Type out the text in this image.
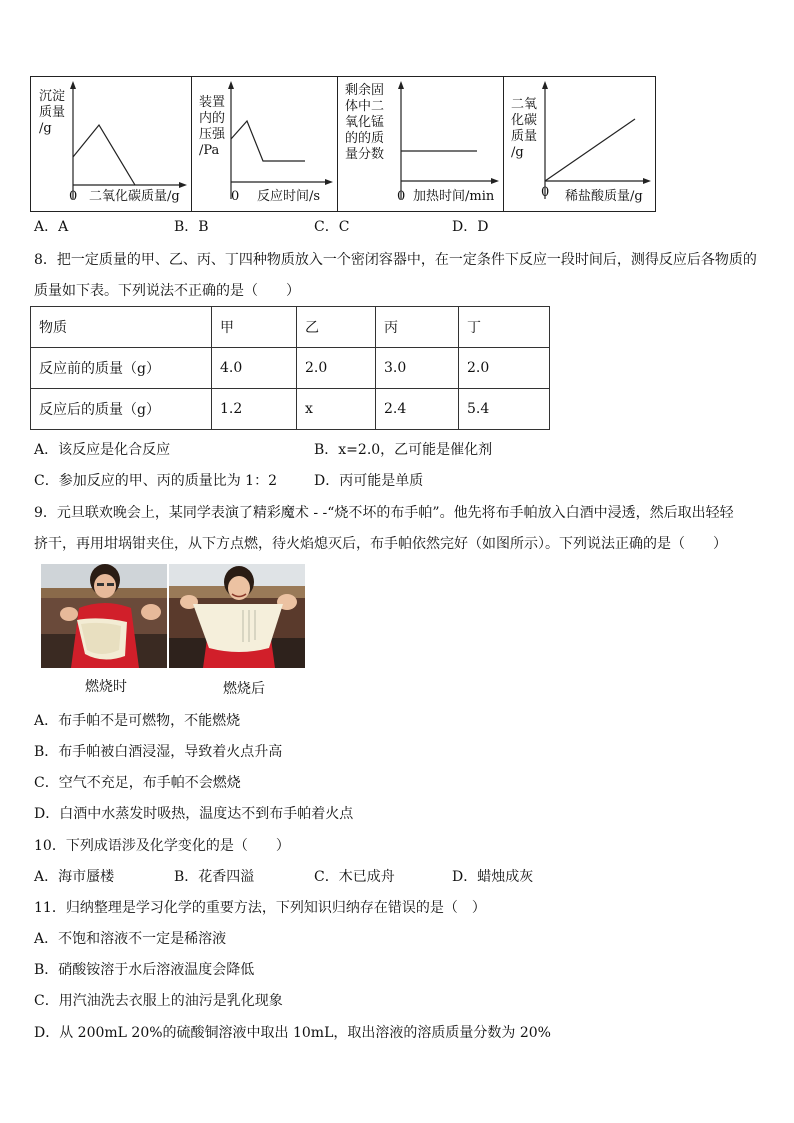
沉淀
质量
/g
0 二氧化碳质量/g
装置
内的
压强
/Pa
0 反应时间/s
剩余固
体中二
氧化锰
的的质
量分数
0 加热时间/min
二氧
化碳
质量
/g
0 稀盐酸质量/g
A．A	B．B	C．C	D．D
8．把一定质量的甲、乙、丙、丁四种物质放入一个密闭容器中，在一定条件下反应一段时间后，测得反应后各物质的
质量如下表。下列说法不正确的是（　　）
物质	甲	乙	丙	丁
反应前的质量（g）	4.0	2.0	3.0	2.0
反应后的质量（g）	1.2	x	2.4	5.4
A．该反应是化合反应	B．x=2.0，乙可能是催化剂
C．参加反应的甲、丙的质量比为 1：2	D．丙可能是单质
9．元旦联欢晚会上，某同学表演了精彩魔术 - -“烧不坏的布手帕”。他先将布手帕放入白酒中浸透，然后取出轻轻
挤干，再用坩埚钳夹住，从下方点燃，待火焰熄灭后，布手帕依然完好（如图所示）。下列说法正确的是（　　）
燃烧时	燃烧后
A．布手帕不是可燃物，不能燃烧
B．布手帕被白酒浸湿，导致着火点升高
C．空气不充足，布手帕不会燃烧
D．白酒中水蒸发时吸热，温度达不到布手帕着火点
10．下列成语涉及化学变化的是（　　）
A．海市蜃楼	B．花香四溢	C．木已成舟	D．蜡烛成灰
11．归纳整理是学习化学的重要方法，下列知识归纳存在错误的是（　）
A．不饱和溶液不一定是稀溶液
B．硝酸铵溶于水后溶液温度会降低
C．用汽油洗去衣服上的油污是乳化现象
D．从 200mL 20%的硫酸铜溶液中取出 10mL，取出溶液的溶质质量分数为 20%
